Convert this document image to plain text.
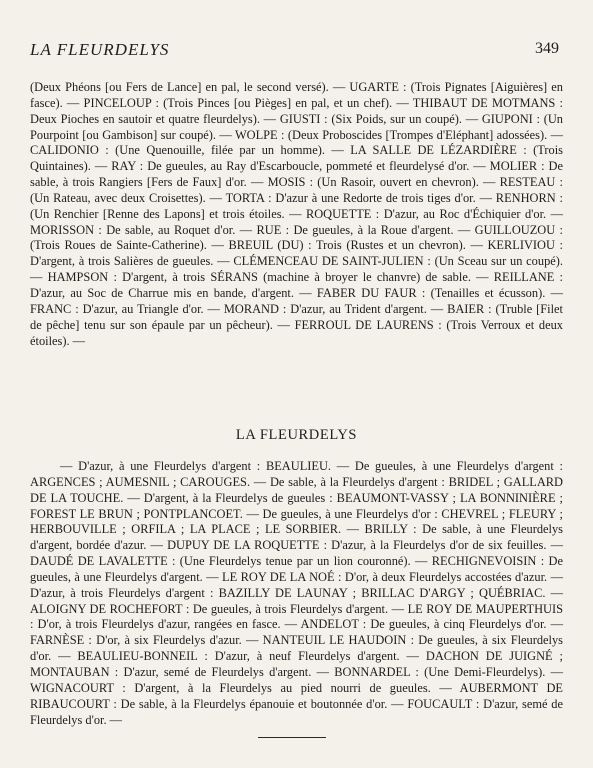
LA FLEURDELYS	349

(Deux Phéons [ou Fers de Lance] en pal, le second versé). — UGARTE : (Trois Pignates [Aiguières] en fasce). — PINCELOUP : (Trois Pinces [ou Pièges] en pal, et un chef). — THIBAUT DE MOTMANS : Deux Pioches en sautoir et quatre fleurdelys). — GIUSTI : (Six Poids, sur un coupé). — GIUPONI : (Un Pourpoint [ou Gambison] sur coupé). — WOLPE : (Deux Proboscides [Trompes d'Eléphant] adossées). — CALIDONIO : (Une Quenouille, filée par un homme). — LA SALLE DE LÉZARDIÈRE : (Trois Quintaines). — RAY : De gueules, au Ray d'Escarboucle, pommeté et fleurdelysé d'or. — MOLIER : De sable, à trois Rangiers [Fers de Faux] d'or. — MOSIS : (Un Rasoir, ouvert en chevron). — RESTEAU : (Un Rateau, avec deux Croisettes). — TORTA : D'azur à une Redorte de trois tiges d'or. — RENHORN : (Un Renchier [Renne des Lapons] et trois étoiles. — ROQUETTE : D'azur, au Roc d'Échiquier d'or. — MORISSON : De sable, au Roquet d'or. — RUE : De gueules, à la Roue d'argent. — GUILLOUZOU : (Trois Roues de Sainte-Catherine). — BREUIL (DU) : Trois (Rustes et un chevron). — KERLIVIOU : D'argent, à trois Salières de gueules. — CLÉMENCEAU DE SAINT-JULIEN : (Un Sceau sur un coupé). — HAMPSON : D'argent, à trois SÉRANS (machine à broyer le chanvre) de sable. — REILLANE : D'azur, au Soc de Charrue mis en bande, d'argent. — FABER DU FAUR : (Tenailles et écusson). — FRANC : D'azur, au Triangle d'or. — MORAND : D'azur, au Trident d'argent. — BAIER : (Truble [Filet de pêche] tenu sur son épaule par un pêcheur). — FERROUL DE LAURENS : (Trois Verroux et deux étoiles). —

LA FLEURDELYS

— D'azur, à une Fleurdelys d'argent : BEAULIEU. — De gueules, à une Fleurdelys d'argent : ARGENCES ; AUMESNIL ; CAROUGES. — De sable, à la Fleurdelys d'argent : BRIDEL ; GALLARD DE LA TOUCHE. — D'argent, à la Fleurdelys de gueules : BEAUMONT-VASSY ; LA BONNINIÈRE ; FOREST LE BRUN ; PONTPLANCOET. — De gueules, à une Fleurdelys d'or : CHEVREL ; FLEURY ; HERBOUVILLE ; ORFILA ; LA PLACE ; LE SORBIER. — BRILLY : De sable, à une Fleurdelys d'argent, bordée d'azur. — DUPUY DE LA ROQUETTE : D'azur, à la Fleurdelys d'or de six feuilles. — DAUDÉ DE LAVALETTE : (Une Fleurdelys tenue par un lion couronné). — RECHIGNEVOISIN : De gueules, à une Fleurdelys d'argent. — LE ROY DE LA NOÉ : D'or, à deux Fleurdelys accostées d'azur. — D'azur, à trois Fleurdelys d'argent : BAZILLY DE LAUNAY ; BRILLAC D'ARGY ; QUÉBRIAC. — ALOIGNY DE ROCHEFORT : De gueules, à trois Fleurdelys d'argent. — LE ROY DE MAUPERTHUIS : D'or, à trois Fleurdelys d'azur, rangées en fasce. — ANDELOT : De gueules, à cinq Fleurdelys d'or. — FARNÈSE : D'or, à six Fleurdelys d'azur. — NANTEUIL LE HAUDOIN : De gueules, à six Fleurdelys d'or. — BEAULIEU-BONNEIL : D'azur, à neuf Fleurdelys d'argent. — DACHON DE JUIGNÉ ; MONTAUBAN : D'azur, semé de Fleurdelys d'argent. — BONNARDEL : (Une Demi-Fleurdelys). — WIGNACOURT : D'argent, à la Fleurdelys au pied nourri de gueules. — AUBERMONT DE RIBAUCOURT : De sable, à la Fleurdelys épanouie et boutonnée d'or. — FOUCAULT : D'azur, semé de Fleurdelys d'or. —
